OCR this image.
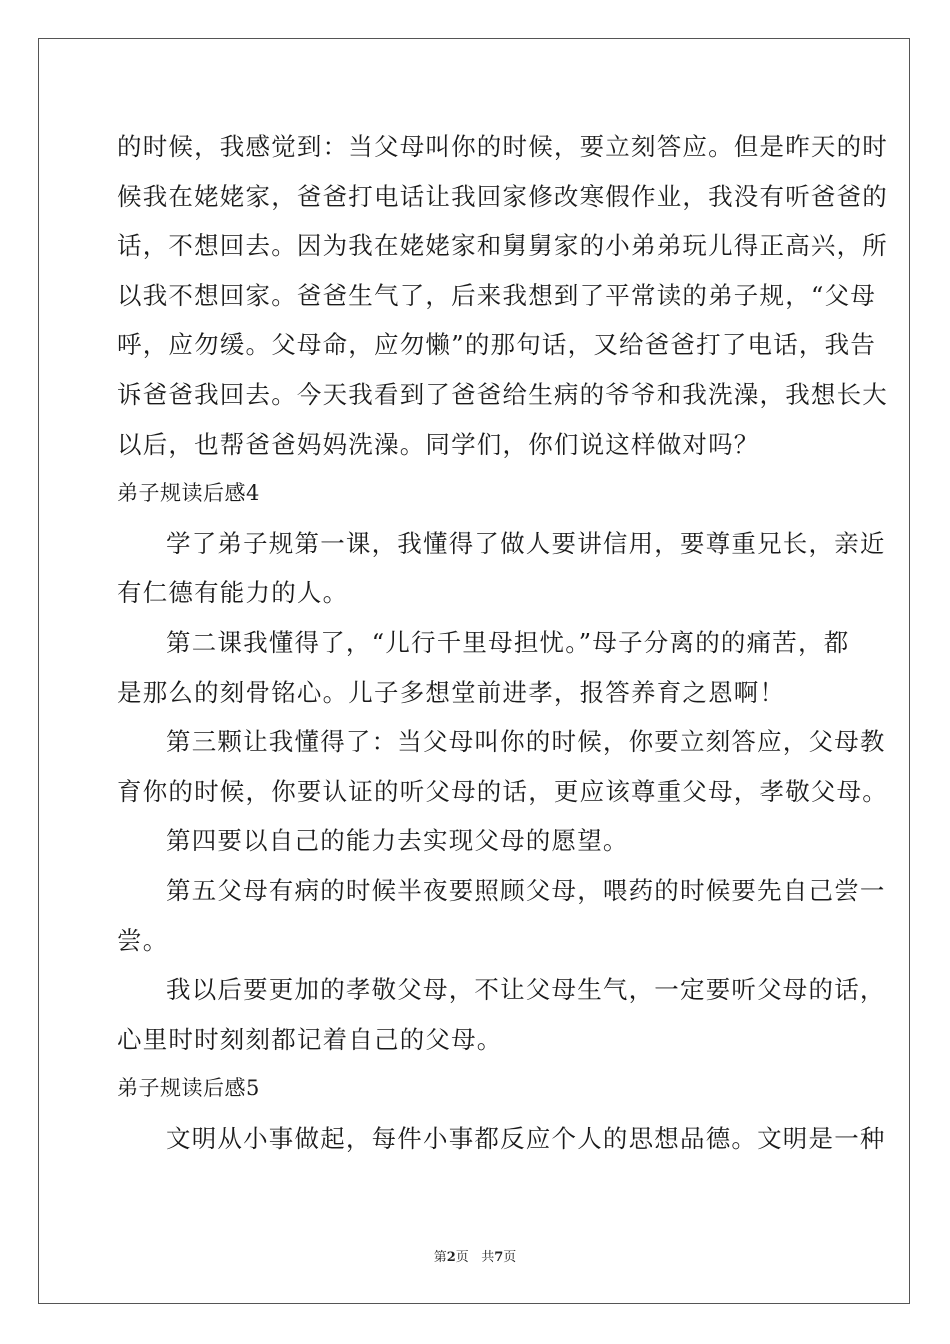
的时候，我感觉到：当父母叫你的时候，要立刻答应。但是昨天的时
候我在姥姥家，爸爸打电话让我回家修改寒假作业，我没有听爸爸的
话，不想回去。因为我在姥姥家和舅舅家的小弟弟玩儿得正高兴，所
以我不想回家。爸爸生气了，后来我想到了平常读的弟子规，“父母
呼，应勿缓。父母命，应勿懒”的那句话，又给爸爸打了电话，我告
诉爸爸我回去。今天我看到了爸爸给生病的爷爷和我洗澡，我想长大
以后，也帮爸爸妈妈洗澡。同学们，你们说这样做对吗？
弟子规读后感4
学了弟子规第一课，我懂得了做人要讲信用，要尊重兄长，亲近
有仁德有能力的人。
第二课我懂得了，“儿行千里母担忧。”母子分离的的痛苦，都
是那么的刻骨铭心。儿子多想堂前进孝，报答养育之恩啊！
第三颗让我懂得了：当父母叫你的时候，你要立刻答应，父母教
育你的时候，你要认证的听父母的话，更应该尊重父母，孝敬父母。
第四要以自己的能力去实现父母的愿望。
第五父母有病的时候半夜要照顾父母，喂药的时候要先自己尝一
尝。
我以后要更加的孝敬父母，不让父母生气，一定要听父母的话，
心里时时刻刻都记着自己的父母。
弟子规读后感5
文明从小事做起，每件小事都反应个人的思想品德。文明是一种
第2页   共7页
